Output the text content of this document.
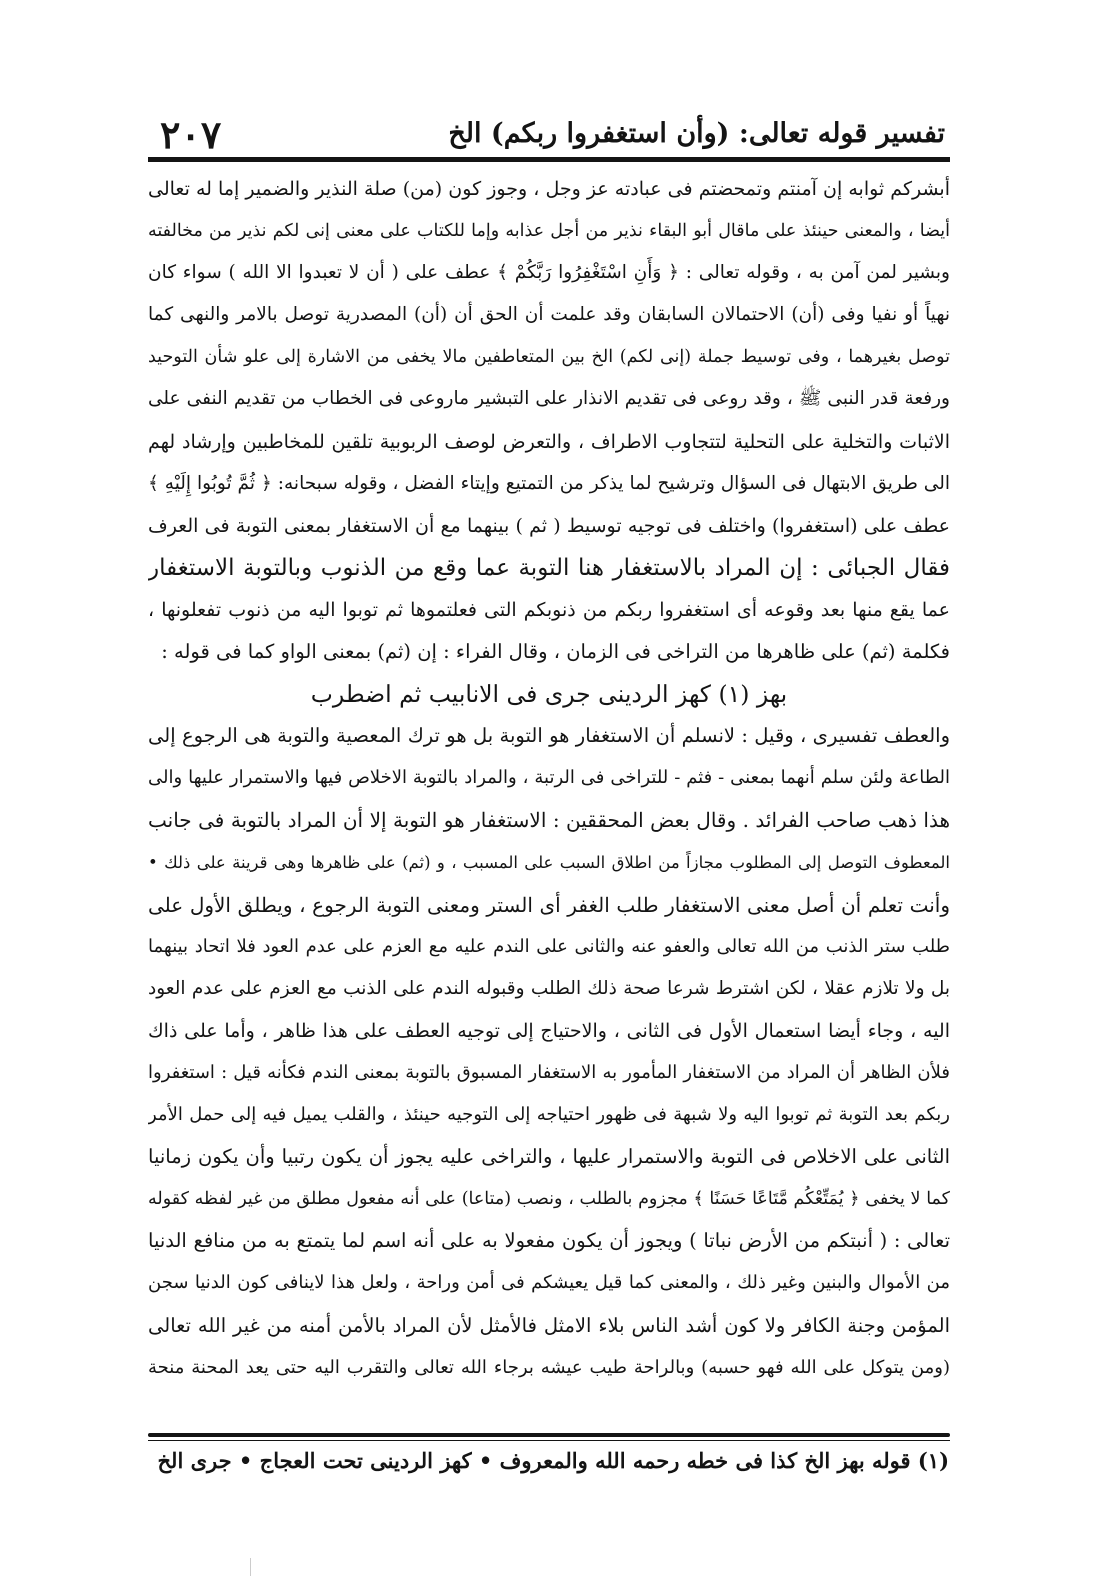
٢٠٧	تفسير قوله تعالى: (وأن استغفروا ربكم) الخ
أبشركم ثوابه إن آمنتم وتمحضتم فى عبادته عز وجل ، وجوز كون (من) صلة النذير والضمير إما له تعالى
أيضا ، والمعنى حينئذ على ماقال أبو البقاء نذير من أجل عذابه وإما للكتاب على معنى إنى لكم نذير من مخالفته
وبشير لمن آمن به ، وقوله تعالى : ﴿ وَأَنِ اسْتَغْفِرُوا رَبَّكُمْ ﴾ عطف على ( أن لا تعبدوا الا الله ) سواء كان
نهياً أو نفيا وفى (أن) الاحتمالان السابقان وقد علمت أن الحق أن (أن) المصدرية توصل بالامر والنهى كما
توصل بغيرهما ، وفى توسيط جملة (إنى لكم) الخ بين المتعاطفين مالا يخفى من الاشارة إلى علو شأن التوحيد
ورفعة قدر النبى ﷺ ، وقد روعى فى تقديم الانذار على التبشير ماروعى فى الخطاب من تقديم النفى على
الاثبات والتخلية على التحلية لتتجاوب الاطراف ، والتعرض لوصف الربوبية تلقين للمخاطبين وإرشاد لهم
الى طريق الابتهال فى السؤال وترشيح لما يذكر من التمتيع وإيتاء الفضل ، وقوله سبحانه: ﴿ ثُمَّ تُوبُوا إِلَيْهِ ﴾
عطف على (استغفروا) واختلف فى توجيه توسيط ( ثم ) بينهما مع أن الاستغفار بمعنى التوبة فى العرف
فقال الجبائى : إن المراد بالاستغفار هنا التوبة عما وقع من الذنوب وبالتوبة الاستغفار
عما يقع منها بعد وقوعه أى استغفروا ربكم من ذنوبكم التى فعلتموها ثم توبوا اليه من ذنوب تفعلونها ،
فكلمة (ثم) على ظاهرها من التراخى فى الزمان ، وقال الفراء : إن (ثم) بمعنى الواو كما فى قوله :
بهز (١) كهز الردينى جرى فى الانابيب ثم اضطرب
والعطف تفسيرى ، وقيل : لانسلم أن الاستغفار هو التوبة بل هو ترك المعصية والتوبة هى الرجوع إلى
الطاعة ولئن سلم أنهما بمعنى - فثم - للتراخى فى الرتبة ، والمراد بالتوبة الاخلاص فيها والاستمرار عليها والى
هذا ذهب صاحب الفرائد . وقال بعض المحققين : الاستغفار هو التوبة إلا أن المراد بالتوبة فى جانب
المعطوف التوصل إلى المطلوب مجازاً من اطلاق السبب على المسبب ، و (ثم) على ظاهرها وهى قرينة على ذلك •
وأنت تعلم أن أصل معنى الاستغفار طلب الغفر أى الستر ومعنى التوبة الرجوع ، ويطلق الأول على
طلب ستر الذنب من الله تعالى والعفو عنه والثانى على الندم عليه مع العزم على عدم العود فلا اتحاد بينهما
بل ولا تلازم عقلا ، لكن اشترط شرعا صحة ذلك الطلب وقبوله الندم على الذنب مع العزم على عدم العود
اليه ، وجاء أيضا استعمال الأول فى الثانى ، والاحتياج إلى توجيه العطف على هذا ظاهر ، وأما على ذاك
فلأن الظاهر أن المراد من الاستغفار المأمور به الاستغفار المسبوق بالتوبة بمعنى الندم فكأنه قيل : استغفروا
ربكم بعد التوبة ثم توبوا اليه ولا شبهة فى ظهور احتياجه إلى التوجيه حينئذ ، والقلب يميل فيه إلى حمل الأمر
الثانى على الاخلاص فى التوبة والاستمرار عليها ، والتراخى عليه يجوز أن يكون رتبيا وأن يكون زمانيا
كما لا يخفى ﴿ يُمَتِّعْكُم مَّتَاعًا حَسَنًا ﴾ مجزوم بالطلب ، ونصب (متاعا) على أنه مفعول مطلق من غير لفظه كقوله
تعالى : ( أنبتكم من الأرض نباتا ) ويجوز أن يكون مفعولا به على أنه اسم لما يتمتع به من منافع الدنيا
من الأموال والبنين وغير ذلك ، والمعنى كما قيل يعيشكم فى أمن وراحة ، ولعل هذا لاينافى كون الدنيا سجن
المؤمن وجنة الكافر ولا كون أشد الناس بلاء الامثل فالأمثل لأن المراد بالأمن أمنه من غير الله تعالى
(ومن يتوكل على الله فهو حسبه) وبالراحة طيب عيشه برجاء الله تعالى والتقرب اليه حتى يعد المحنة منحة
(١) قوله بهز الخ كذا فى خطه رحمه الله والمعروف • كهز الردينى تحت العجاج • جرى الخ
